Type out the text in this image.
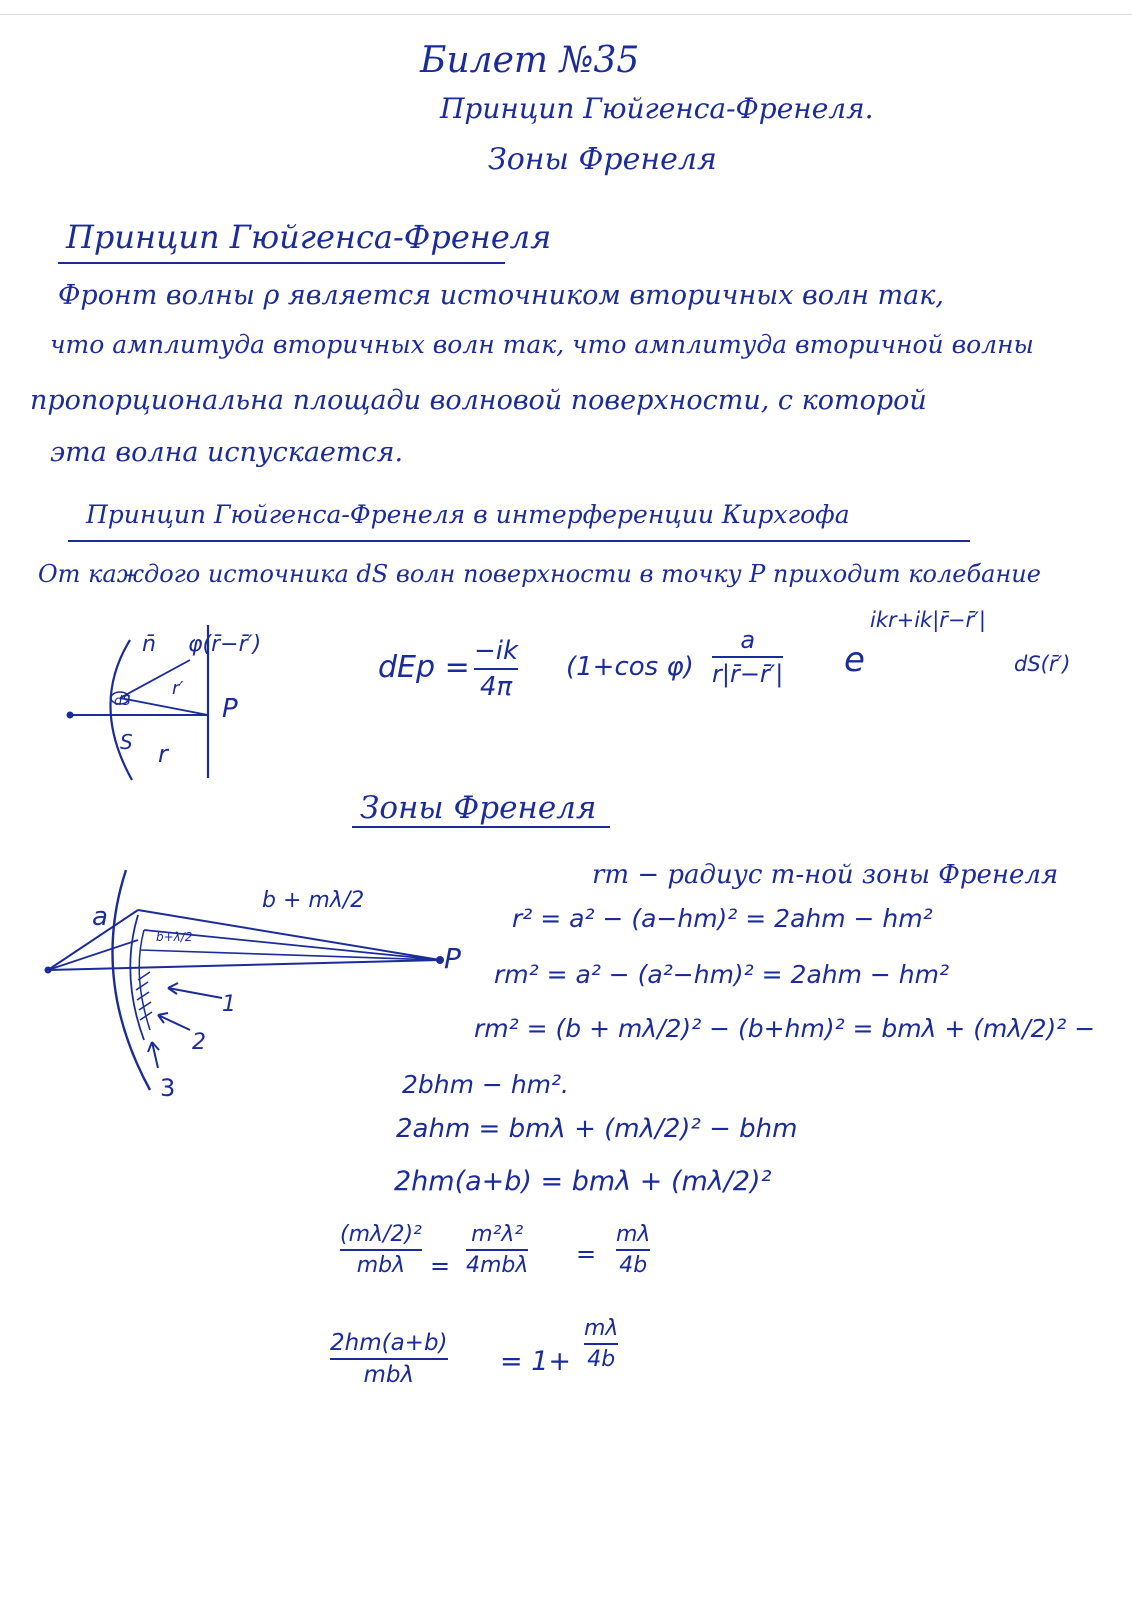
Билет №35
Принцип Гюйгенса-Френеля.
Зоны Френеля
Принцип Гюйгенса-Френеля
Фронт волны ρ является источником вторичных волн так,
что амплитуда вторичных волн так, что амплитуда вторичной волны
пропорциональна площади волновой поверхности, с которой
эта волна испускается.
Принцип Гюйгенса-Френеля в интерференции Кирхгофа
От каждого источника dS волн поверхности в точку P приходит колебание
n̄ φ(r̄−r̄′)
r′
dS	P
S r
dEp = −ik
4π
(1+cos φ)
a
r|r̄−r̄′| e
ikr+ik|r̄−r̄′|
dS(r̄′)
Зоны Френеля
rm − радиус m-ной зоны Френеля
a
b + mλ/2
b+λ/2
P
1
2
3
r² = a² − (a−hm)² = 2ahm − hm²
rm² = a² − (a²−hm)² = 2ahm − hm²
rm² = (b + mλ/2)² − (b+hm)² = bmλ + (mλ/2)² −
2bhm − hm².
2ahm = bmλ + (mλ/2)² − bhm
2hm(a+b) = bmλ + (mλ/2)²
(mλ/2)²
mbλ =
m²λ²
4mbλ =
mλ
4b
2hm(a+b)
mbλ	= 1+
mλ
4b
